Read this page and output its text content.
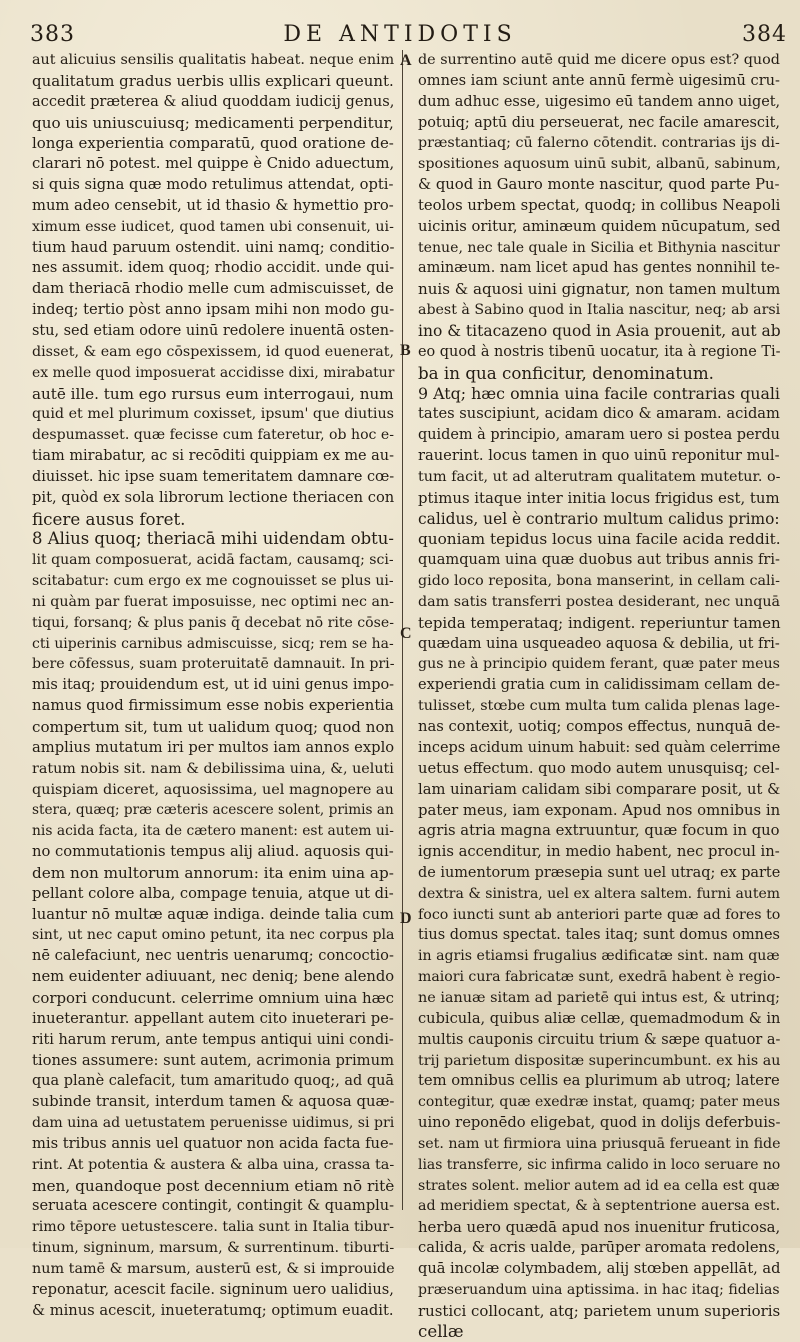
383	DE ANTIDOTIS	384
A
B
C
D
aut alicuius sensilis qualitatis habeat. neque enim
qualitatum gradus uerbis ullis explicari queunt.
accedit præterea & aliud quoddam iudicij genus,
quo uis uniuscuiusq; medicamenti perpenditur,
longa experientia comparatū, quod oratione de-
clarari nō potest. mel quippe è Cnido aduectum,
si quis signa quæ modo retulimus attendat, opti-
mum adeo censebit, ut id thasio & hymettio pro-
ximum esse iudicet, quod tamen ubi consenuit, ui-
tium haud paruum ostendit. uini namq; conditio-
nes assumit. idem quoq; rhodio accidit. unde qui-
dam theriacā rhodio melle cum admiscuisset, de
indeq; tertio pòst anno ipsam mihi non modo gu-
stu, sed etiam odore uinū redolere inuentā osten-
disset, & eam ego cōspexissem, id quod euenerat,
ex melle quod imposuerat accidisse dixi, mirabatur
autē ille. tum ego rursus eum interrogaui, num
quid et mel plurimum coxisset, ipsum' que diutius
despumasset. quæ fecisse cum fateretur, ob hoc e-
tiam mirabatur, ac si recōditi quippiam ex me au-
diuisset. hic ipse suam temeritatem damnare cœ-
pit, quòd ex sola librorum lectione theriacen con
ficere ausus foret.
8 Alius quoq; theriacā mihi uidendam obtu-
lit quam composuerat, acidā factam, causamq; sci-
scitabatur: cum ergo ex me cognouisset se plus ui-
ni quàm par fuerat imposuisse, nec optimi nec an-
tiqui, forsanq; & plus panis q̄ decebat nō rite cōse-
cti uiperinis carnibus admiscuisse, sicq; rem se ha-
bere cōfessus, suam proteruitatē damnauit. In pri-
mis itaq; prouidendum est, ut id uini genus impo-
namus quod firmissimum esse nobis experientia
compertum sit, tum ut ualidum quoq; quod non
amplius mutatum iri per multos iam annos explo
ratum nobis sit. nam & debilissima uina, &, ueluti
quispiam diceret, aquosissima, uel magnopere au
stera, quæq; præ cæteris acescere solent, primis an
nis acida facta, ita de cætero manent: est autem ui-
no commutationis tempus alij aliud. aquosis qui-
dem non multorum annorum: ita enim uina ap-
pellant colore alba, compage tenuia, atque ut di-
luantur nō multæ aquæ indiga. deinde talia cum
sint, ut nec caput omino petunt, ita nec corpus pla
nē calefaciunt, nec uentris uenarumq; concoctio-
nem euidenter adiuuant, nec deniq; bene alendo
corpori conducunt. celerrime omnium uina hæc
inueterantur. appellant autem cito inueterari pe-
riti harum rerum, ante tempus antiqui uini condi-
tiones assumere: sunt autem, acrimonia primum
qua planè calefacit, tum amaritudo quoq;, ad quā
subinde transit, interdum tamen & aquosa quæ-
dam uina ad uetustatem peruenisse uidimus, si pri
mis tribus annis uel quatuor non acida facta fue-
rint. At potentia & austera & alba uina, crassa ta-
men, quandoque post decennium etiam nō ritè
seruata acescere contingit, contingit & quamplu-
rimo tēpore uetustescere. talia sunt in Italia tibur-
tinum, signinum, marsum, & surrentinum. tiburti-
num tamē & marsum, austerū est, & si improuide
reponatur, acescit facile. signinum uero ualidius,
& minus acescit, inueteratumq; optimum euadit.
de surrentino autē quid me dicere opus est? quod
omnes iam sciunt ante annū fermè uigesimū cru-
dum adhuc esse, uigesimo eū tandem anno uiget,
potuiq; aptū diu perseuerat, nec facile amarescit,
præstantiaq; cū falerno cōtendit. contrarias ijs di-
spositiones aquosum uinū subit, albanū, sabinum,
& quod in Gauro monte nascitur, quod parte Pu-
teolos urbem spectat, quodq; in collibus Neapoli
uicinis oritur, aminæum quidem nūcupatum, sed
tenue, nec tale quale in Sicilia et Bithynia nascitur
aminæum. nam licet apud has gentes nonnihil te-
nuis & aquosi uini gignatur, non tamen multum
abest à Sabino quod in Italia nascitur, neq; ab arsi
ino & titacazeno quod in Asia prouenit, aut ab
eo quod à nostris tibenū uocatur, ita à regione Ti-
ba in qua conficitur, denominatum.
9 Atq; hæc omnia uina facile contrarias quali
tates suscipiunt, acidam dico & amaram. acidam
quidem à principio, amaram uero si postea perdu
rauerint. locus tamen in quo uinū reponitur mul-
tum facit, ut ad alterutram qualitatem mutetur. o-
ptimus itaque inter initia locus frigidus est, tum
calidus, uel è contrario multum calidus primo:
quoniam tepidus locus uina facile acida reddit.
quamquam uina quæ duobus aut tribus annis fri-
gido loco reposita, bona manserint, in cellam cali-
dam satis transferri postea desiderant, nec unquā
tepida temperataq; indigent. reperiuntur tamen
quædam uina usqueadeo aquosa & debilia, ut fri-
gus ne à principio quidem ferant, quæ pater meus
experiendi gratia cum in calidissimam cellam de-
tulisset, stœbe cum multa tum calida plenas lage-
nas contexit, uotiq; compos effectus, nunquā de-
inceps acidum uinum habuit: sed quàm celerrime
uetus effectum. quo modo autem unusquisq; cel-
lam uinariam calidam sibi comparare posit, ut &
pater meus, iam exponam. Apud nos omnibus in
agris atria magna extruuntur, quæ focum in quo
ignis accenditur, in medio habent, nec procul in-
de iumentorum præsepia sunt uel utraq; ex parte
dextra & sinistra, uel ex altera saltem. furni autem
foco iuncti sunt ab anteriori parte quæ ad fores to
tius domus spectat. tales itaq; sunt domus omnes
in agris etiamsi frugalius ædificatæ sint. nam quæ
maiori cura fabricatæ sunt, exedrā habent è regio-
ne ianuæ sitam ad parietē qui intus est, & utrinq;
cubicula, quibus aliæ cellæ, quemadmodum & in
multis cauponis circuitu trium & sæpe quatuor a-
trij parietum dispositæ superincumbunt. ex his au
tem omnibus cellis ea plurimum ab utroq; latere
contegitur, quæ exedræ instat, quamq; pater meus
uino reponēdo eligebat, quod in dolijs deferbuis-
set. nam ut firmiora uina priusquā ferueant in fide
lias transferre, sic infirma calido in loco seruare no
strates solent. melior autem ad id ea cella est quæ
ad meridiem spectat, & à septentrione auersa est.
herba uero quædā apud nos inuenitur fruticosa,
calida, & acris ualde, parūper aromata redolens,
quā incolæ colymbadem, alij stœben appellāt, ad
præseruandum uina aptissima. in hac itaq; fidelias
rustici collocant, atq; parietem unum superioris
cellæ
